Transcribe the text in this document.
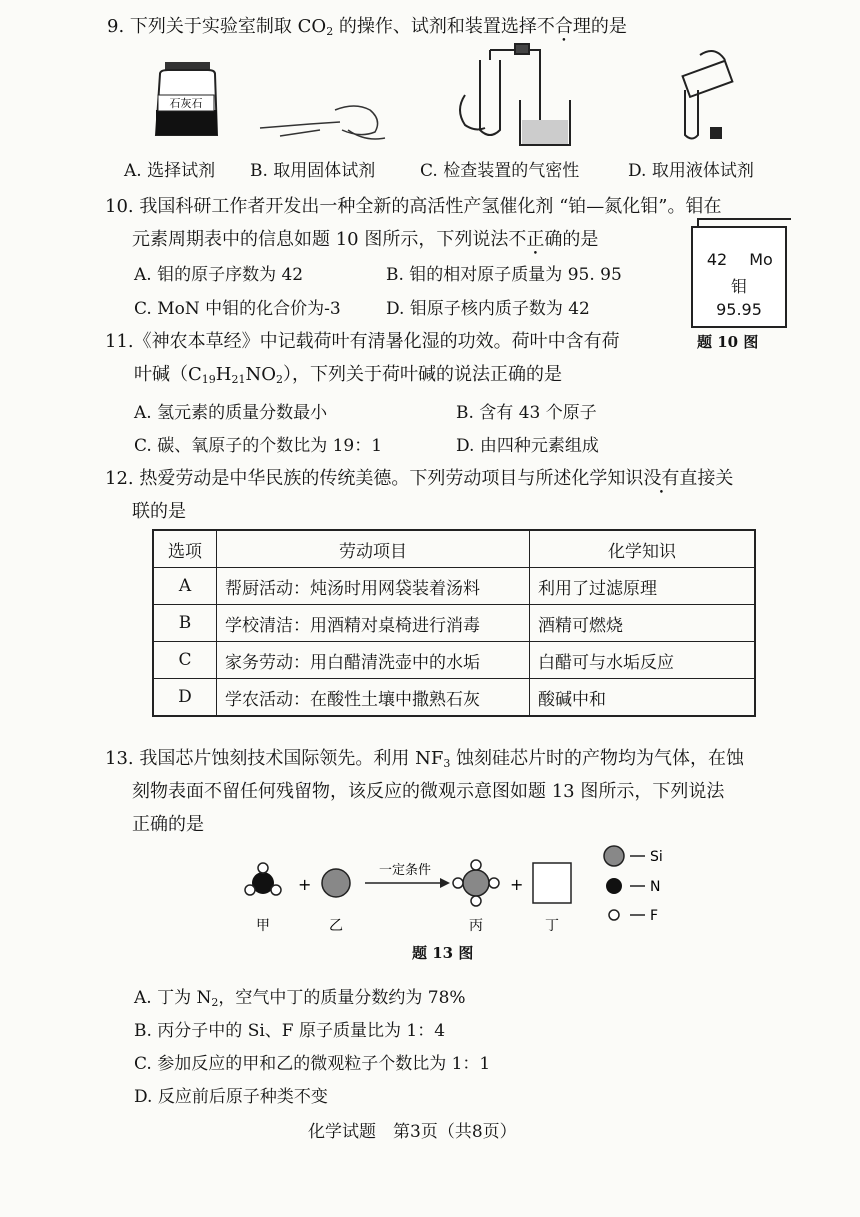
9. 下列关于实验室制取 $CO_2$ 的操作、试剂和装置选择不合理的是
石灰石
A. 选择试剂 B. 取用固体试剂	C. 检查装置的气密性	D. 取用液体试剂
10. 我国科研工作者开发出一种全新的高活性产氢催化剂 “铂—氮化钼”。钼在
元素周期表中的信息如题 10 图所示，下列说法不正确的是
A. 钼的原子序数为 42	B. 钼的相对原子质量为 95. 95
C. MoN 中钼的化合价为-3	D. 钼原子核内质子数为 42
42	Mo
钼
95.95
题 10 图
11.《神农本草经》中记载荷叶有清暑化湿的功效。荷叶中含有荷
叶碱$(C_{19}H_{21}NO_2)$，下列关于荷叶碱的说法正确的是
A. 氢元素的质量分数最小	B. 含有 43 个原子
C. 碳、氧原子的个数比为 19：1	D. 由四种元素组成
12. 热爱劳动是中华民族的传统美德。下列劳动项目与所述化学知识没有直接关
联的是
选项	劳动项目	化学知识
A	帮厨活动：炖汤时用网袋装着汤料	利用了过滤原理
B	学校清洁：用酒精对桌椅进行消毒	酒精可燃烧
C	家务劳动：用白醋清洗壶中的水垢	白醋可与水垢反应
D	学农活动：在酸性土壤中撒熟石灰	酸碱中和
13. 我国芯片蚀刻技术国际领先。利用 $NF_3$ 蚀刻硅芯片时的产物均为气体，在蚀
刻物表面不留任何残留物，该反应的微观示意图如题 13 图所示，下列说法
正确的是
+
一定条件
+
Si
N
F
甲	乙	丙	丁
题 13 图
A. 丁为 $N_2$，空气中丁的质量分数约为 78%
B. 丙分子中的 Si、F 原子质量比为 1：4
C. 参加反应的甲和乙的微观粒子个数比为 1：1
D. 反应前后原子种类不变
化学试题　第3页（共8页）
